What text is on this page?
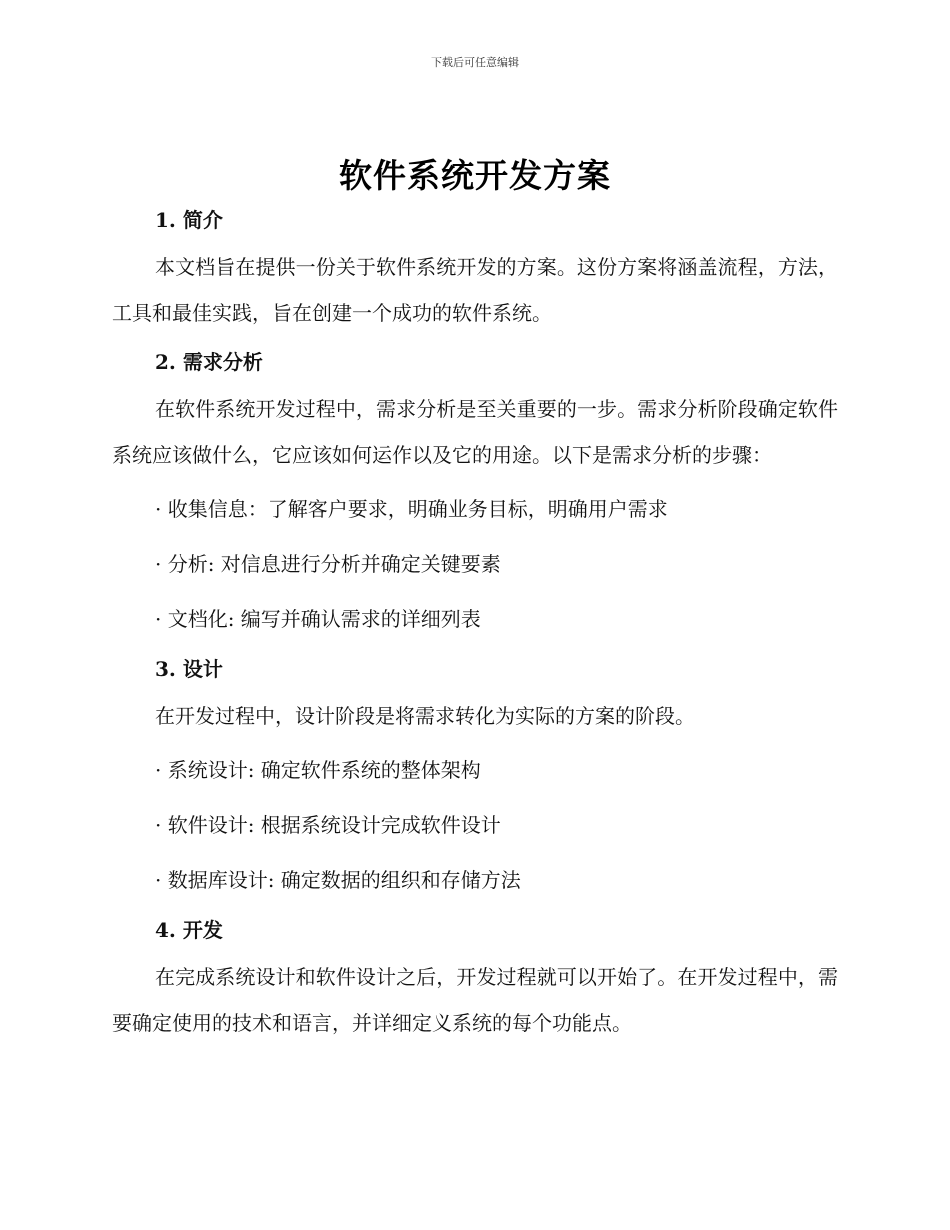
下载后可任意编辑
软件系统开发方案
1. 简介
本文档旨在提供一份关于软件系统开发的方案。这份方案将涵盖流程，方法，工具和最佳实践，旨在创建一个成功的软件系统。
2. 需求分析
在软件系统开发过程中，需求分析是至关重要的一步。需求分析阶段确定软件系统应该做什么，它应该如何运作以及它的用途。以下是需求分析的步骤：
· 收集信息：了解客户要求，明确业务目标，明确用户需求
· 分析: 对信息进行分析并确定关键要素
· 文档化: 编写并确认需求的详细列表
3. 设计
在开发过程中，设计阶段是将需求转化为实际的方案的阶段。
· 系统设计: 确定软件系统的整体架构
· 软件设计: 根据系统设计完成软件设计
· 数据库设计: 确定数据的组织和存储方法
4. 开发
在完成系统设计和软件设计之后，开发过程就可以开始了。在开发过程中，需要确定使用的技术和语言，并详细定义系统的每个功能点。
